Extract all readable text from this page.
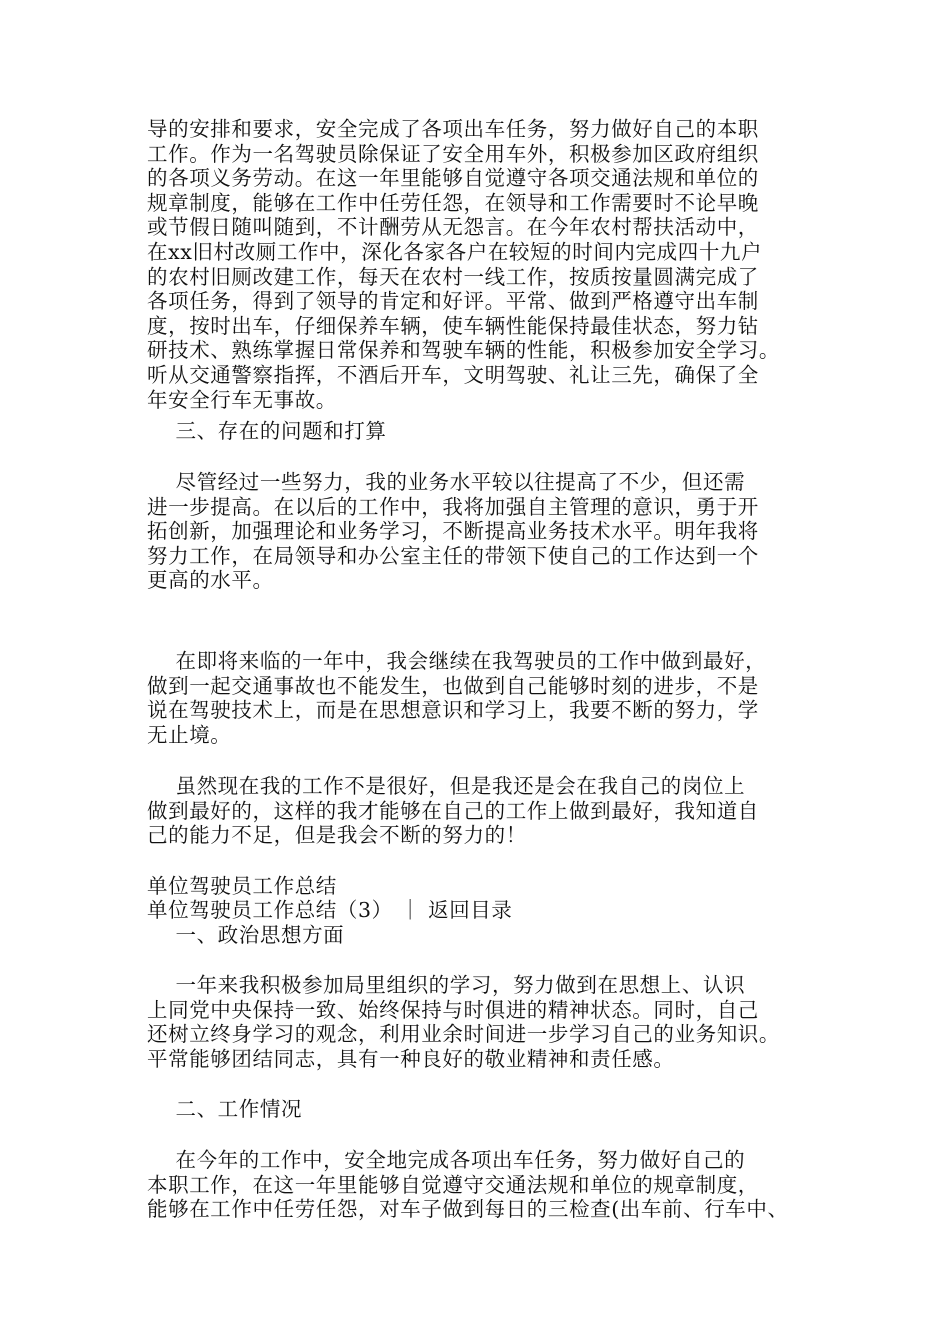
导的安排和要求，安全完成了各项出车任务，努力做好自己的本职
工作。作为一名驾驶员除保证了安全用车外，积极参加区政府组织
的各项义务劳动。在这一年里能够自觉遵守各项交通法规和单位的
规章制度，能够在工作中任劳任怨，在领导和工作需要时不论早晚
或节假日随叫随到，不计酬劳从无怨言。在今年农村帮扶活动中，
在xx旧村改厕工作中，深化各家各户在较短的时间内完成四十九户
的农村旧厕改建工作，每天在农村一线工作，按质按量圆满完成了
各项任务，得到了领导的肯定和好评。平常、做到严格遵守出车制
度，按时出车，仔细保养车辆，使车辆性能保持最佳状态，努力钻
研技术、熟练掌握日常保养和驾驶车辆的性能，积极参加安全学习。
听从交通警察指挥，不酒后开车，文明驾驶、礼让三先，确保了全
年安全行车无事故。

三、存在的问题和打算

尽管经过一些努力，我的业务水平较以往提高了不少，但还需
进一步提高。在以后的工作中，我将加强自主管理的意识，勇于开
拓创新，加强理论和业务学习，不断提高业务技术水平。明年我将
努力工作，在局领导和办公室主任的带领下使自己的工作达到一个
更高的水平。

在即将来临的一年中，我会继续在我驾驶员的工作中做到最好，
做到一起交通事故也不能发生，也做到自己能够时刻的进步，不是
说在驾驶技术上，而是在思想意识和学习上，我要不断的努力，学
无止境。

虽然现在我的工作不是很好，但是我还是会在我自己的岗位上
做到最好的，这样的我才能够在自己的工作上做到最好，我知道自
己的能力不足，但是我会不断的努力的！

单位驾驶员工作总结

单位驾驶员工作总结（3） ｜ 返回目录

一、政治思想方面

一年来我积极参加局里组织的学习，努力做到在思想上、认识
上同党中央保持一致、始终保持与时俱进的精神状态。同时，自己
还树立终身学习的观念，利用业余时间进一步学习自己的业务知识。
平常能够团结同志，具有一种良好的敬业精神和责任感。

二、工作情况

在今年的工作中，安全地完成各项出车任务，努力做好自己的
本职工作，在这一年里能够自觉遵守交通法规和单位的规章制度，
能够在工作中任劳任怨，对车子做到每日的三检查(出车前、行车中、
